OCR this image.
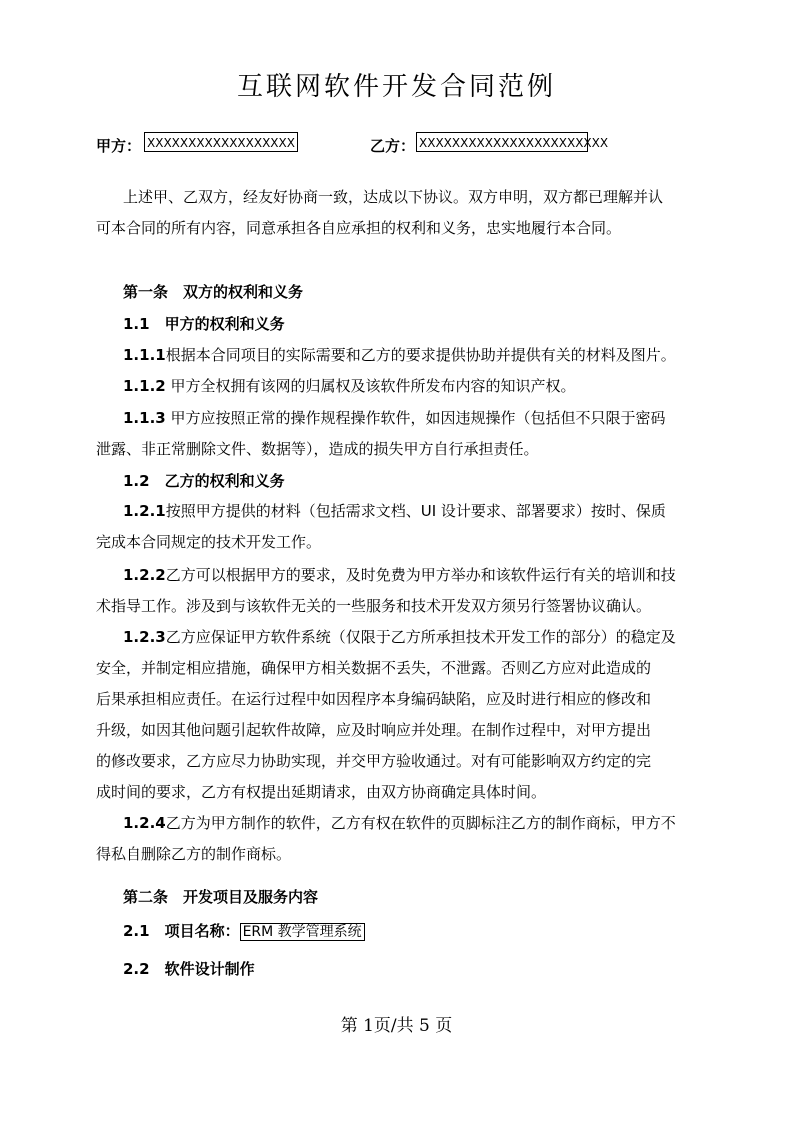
互联网软件开发合同范例
甲方： XXXXXXXXXXXXXXXXXX	乙方： XXXXXXXXXXXXXXXXXXXXXXX
上述甲、乙双方，经友好协商一致，达成以下协议。双方申明，双方都已理解并认
可本合同的所有内容，同意承担各自应承担的权利和义务，忠实地履行本合同。
第一条　双方的权利和义务
1.1　甲方的权利和义务
1.1.1根据本合同项目的实际需要和乙方的要求提供协助并提供有关的材料及图片。
1.1.2 甲方全权拥有该网的归属权及该软件所发布内容的知识产权。
1.1.3 甲方应按照正常的操作规程操作软件，如因违规操作（包括但不只限于密码
泄露、非正常删除文件、数据等），造成的损失甲方自行承担责任。
1.2　乙方的权利和义务
1.2.1按照甲方提供的材料（包括需求文档、UI 设计要求、部署要求）按时、保质
完成本合同规定的技术开发工作。
1.2.2乙方可以根据甲方的要求，及时免费为甲方举办和该软件运行有关的培训和技
术指导工作。涉及到与该软件无关的一些服务和技术开发双方须另行签署协议确认。
1.2.3乙方应保证甲方软件系统（仅限于乙方所承担技术开发工作的部分）的稳定及
安全，并制定相应措施，确保甲方相关数据不丢失，不泄露。否则乙方应对此造成的
后果承担相应责任。在运行过程中如因程序本身编码缺陷，应及时进行相应的修改和
升级，如因其他问题引起软件故障，应及时响应并处理。在制作过程中，对甲方提出
的修改要求，乙方应尽力协助实现，并交甲方验收通过。对有可能影响双方约定的完
成时间的要求，乙方有权提出延期请求，由双方协商确定具体时间。
1.2.4乙方为甲方制作的软件，乙方有权在软件的页脚标注乙方的制作商标，甲方不
得私自删除乙方的制作商标。
第二条　开发项目及服务内容
2.1　项目名称： ERM 教学管理系统
2.2　软件设计制作
第 1页/共 5 页
